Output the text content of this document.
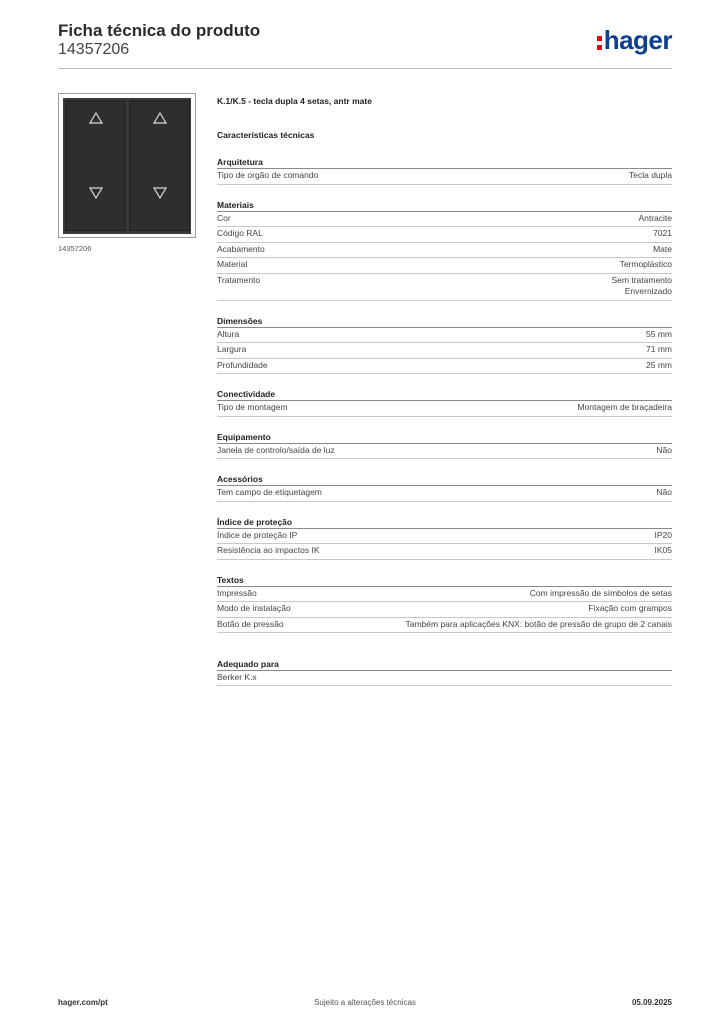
Ficha técnica do produto
14357206	hager
14357206
K.1/K.5 - tecla dupla 4 setas, antr mate
Características técnicas
Arquitetura
Tipo de orgão de comando	Tecla dupla
Materiais
Cor	Antracite
Código RAL	7021
Acabamento	Mate
Material	Termoplástico
Tratamento	Sem tratamento
Envernizado
Dimensões
Altura	55 mm
Largura	71 mm
Profundidade	25 mm
Conectividade
Tipo de montagem	Montagem de braçadeira
Equipamento
Janela de controlo/saída de luz	Não
Acessórios
Tem campo de etiquetagem	Não
Índice de proteção
Índice de proteção IP	IP20
Resistência ao impactos IK	IK05
Textos
Impressão	Com impressão de símbolos de setas
Modo de instalação	Fixação com grampos
Botão de pressão	Também para aplicações KNX: botão de pressão de grupo de 2 canais
Adequado para
Berker K.x
Sujeito a alterações técnicas
hager.com/pt	05.09.2025
